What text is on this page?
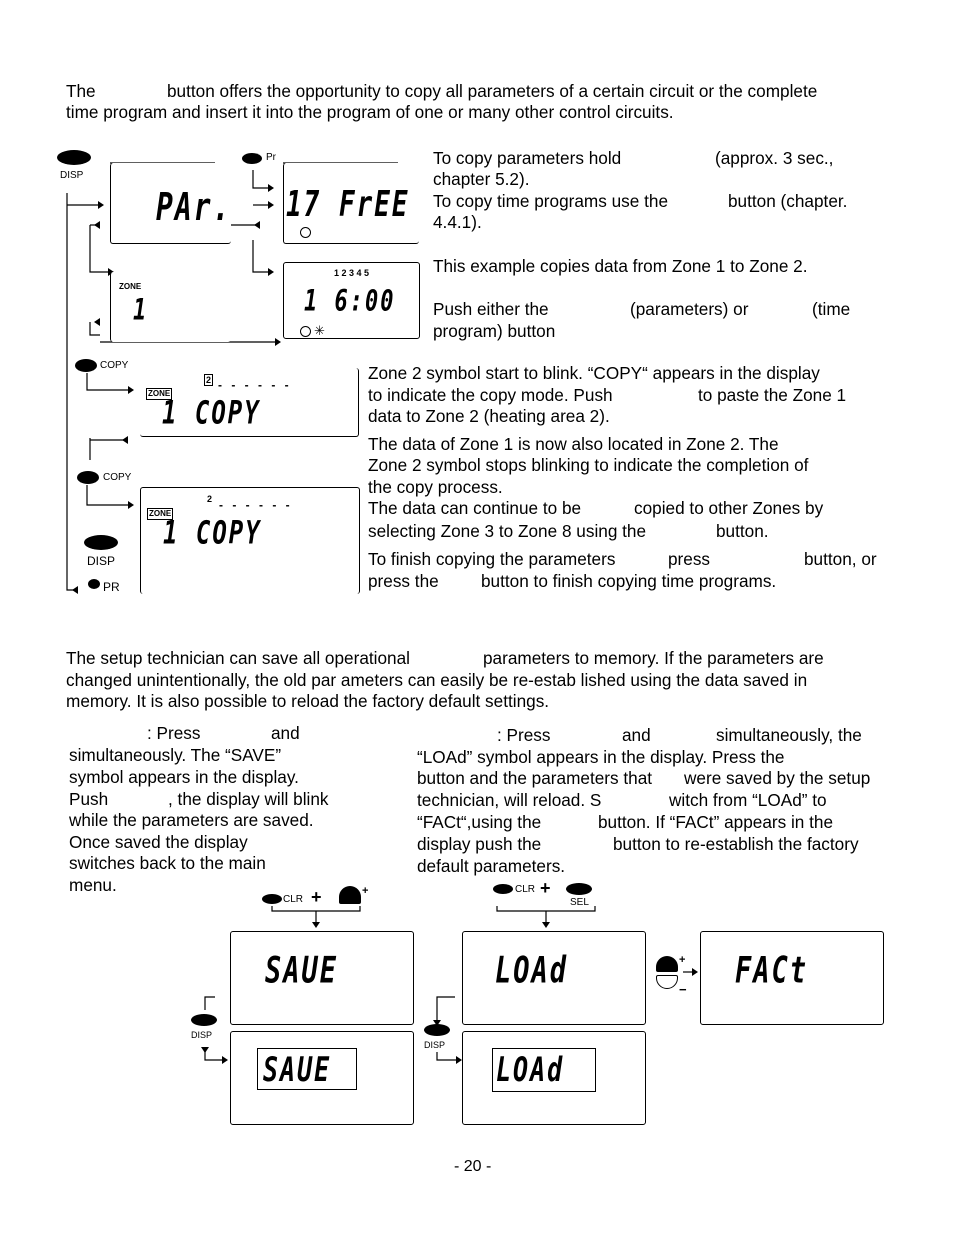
The	button offers the opportunity to copy all parameters of a certain circuit or the complete
time program and insert it into the program of one or many other control circuits.
DISP
PAr.
Pr
17 FrEE
ZONE
1
1 2 3 4 5
1 6:00
✳
COPY
ZONE
2 - - - - - -
1 COPY
COPY
ZONE
2 - - - - - -
1 COPY
DISP
PR
To copy parameters hold	(approx. 3 sec.,
chapter 5.2).
To copy time programs use the	button (chapter.
4.4.1).
This example copies data from Zone 1 to Zone 2.
Push either the	(parameters) or	(time
program) button
Zone 2 symbol start to blink. “COPY“ appears in the display
to indicate the copy mode. Push	to paste the Zone 1
data to Zone 2 (heating area 2).
The data of Zone 1 is now also located in Zone 2. The
Zone 2 symbol stops blinking to indicate the completion of
the copy process.
The data can continue to be	copied to other Zones by
selecting Zone 3 to Zone 8 using the	button.
To finish copying the parameters	press	button, or
press the button to finish copying time programs.
The setup technician can save all operational	parameters to memory. If the parameters are
changed unintentionally, the old par ameters can easily be re-estab lished using the data saved in
memory. It is also possible to reload the factory default settings.
: Press	and
simultaneously. The “SAVE”
symbol appears in the display.
Push	, the display will blink
while the parameters are saved.
Once saved the display
switches back to the main
menu.
: Press	and	simultaneously, the
“LOAd” symbol appears in the display. Press the
button and the parameters that were saved by the setup
technician, will reload. S	witch from “LOAd” to
“FACt“,using the	button. If “FACt” appears in the
display push the	button to re-establish the factory
default parameters.
CLR +	+	CLR +
SEL
SAUE
SAUE
LOAd
LOAd
FACt
+
−
DISP
DISP
- 20 -
